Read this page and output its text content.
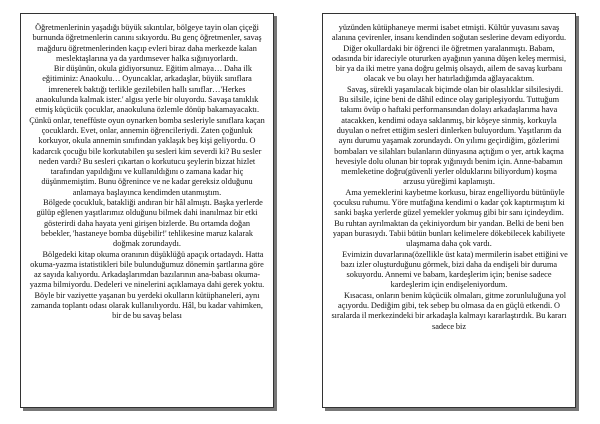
Öğretmenlerinin yaşadığı büyük sıkıntılar, bölgeye tayin olan çiçeği burnunda öğretmenlerin canını sıkıyordu. Bu genç öğretmenler, savaş mağduru öğretmenlerinden kaçıp evleri biraz daha merkezde kalan meslektaşlarına ya da yardımsever halka sığınıyorlardı.

Bir düşünün, okula gidiyorsunuz. Eğitim almaya… Daha ilk eğitiminiz: Anaokulu… Oyuncaklar, arkadaşlar, büyük sınıflara imrenerek baktığı terlikle gezilebilen hallı sınıflar…'Herkes anaokulunda kalmak ister.' algısı yerle bir oluyordu. Savaşa tanıklık etmiş küçücük çocuklar, anaokuluna özlemle dönüp bakamayacaktı. Çünkü onlar, teneffüste oyun oynarken bomba sesleriyle sınıflara kaçan çocuklardı. Evet, onlar, annemin öğrencileriydi. Zaten çoğunluk korkuyor, okula annemin sınıfından yaklaşık beş kişi geliyordu. O kadarcık çocuğu bile korkutabilen şu sesleri kim severdi ki? Bu sesler neden vardı? Bu sesleri çıkartan o korkutucu şeylerin bizzat hizlet tarafından yapıldığını ve kullanıldığını o zamana kadar hiç düşünmemiştim. Bunu öğrenince ve ne kadar gereksiz olduğunu anlamaya başlayınca kendimden utanmıştım.

Bölgede çocukluk, batakliği andıran bir hâl almıştı. Başka yerlerde gülüp eğlenen yaşıtlarımız olduğunu bilmek dahi inanılmaz bir etki gösterirdi daha hayata yeni girişen bizlerde. Bu ortamda doğan bebekler, 'hastaneye bomba düşebilir!' tehlikesine maruz kalarak doğmak zorundaydı.

Bölgedeki kitap okuma oranının düşüklüğü apaçık ortadaydı. Hatta okuma-yazma istatistikleri bile bulunduğumuz dönemin şartlarına göre az sayıda kalıyordu. Arkadaşlarımdan bazılarının ana-babası okuma-yazma bilmiyordu. Dedeleri ve ninelerini açıklamaya dahi gerek yoktu. Böyle bir vaziyette yaşanan bu yerdeki okulların kütüphaneleri, aynı zamanda toplantı odası olarak kullanılıyordu. Hâl, bu kadar vahimken, bir de bu savaş belası

yüzünden kütüphaneye mermi isabet etmişti. Kültür yuvasını savaş alanına çevirenler, insanı kendinden soğutan seslerine devam ediyordu. Diğer okullardaki bir öğrenci ile öğretmen yaralanmıştı. Babam, odasında bir idareciyle otururken ayağının yanına düşen keleş mermisi, bir ya da iki metre yana doğru gelmiş olsaydı, ailem de savaş kurbanı olacak ve bu olayı her hatırladığımda ağlayacaktım.

Savaş, sürekli yaşanılacak biçimde olan bir olasılıklar silsilesiydi. Bu silsile, içine beni de dâhil edince olay garipleşiyordu. Tuttuğum takımı övüp o haftaki performansından dolayı arkadaşlarıma hava atacakken, kendimi odaya saklanmış, bir köşeye sinmiş, korkuyla duyulan o nefret ettiğim sesleri dinlerken buluyordum. Yaşıtlarım da aynı durumu yaşamak zorundaydı. On yılımı geçirdiğim, gözlerimi bombaları ve silahları bulanların dünyasına açtığım o yer, artık kaçma hevesiyle dolu olunan bir toprak yığınıydı benim için. Anne-babamın memleketine doğru(güvenli yerler olduklarını biliyordum) koşma arzusu yüreğimi kaplamıştı.

Ama yemeklerini kaybetme korkusu, biraz engelliyordu bütünüyle çocuksu ruhumu. Yöre mutfağına kendimi o kadar çok kaptırmıştım ki sanki başka yerlerde güzel yemekler yokmuş gibi bir sanı içindeydim. Bu ruhtan ayrılmaktan da çekiniyordum bir yandan. Belki de beni ben yapan burasıydı. Tabii bütün bunları kelimelere dökebilecek kabiliyete ulaşmama daha çok vardı.

Evimizin duvarlarına(özellikle üst kata) mermilerin isabet ettiğini ve bazı izler oluşturduğunu görmek, bizi daha da endişeli bir duruma sokuyordu. Annemi ve babam, kardeşlerim için; benise sadece kardeşlerim için endişeleniyordum.

Kısacası, onların benim küçücük olmaları, gitme zorunluluğuna yol açıyordu. Dediğim gibi, tek sebep bu olmasa da en güçlü etkendi. O sıralarda il merkezindeki bir arkadaşla kalmayı kararlaştırdık. Bu kararı sadece biz
